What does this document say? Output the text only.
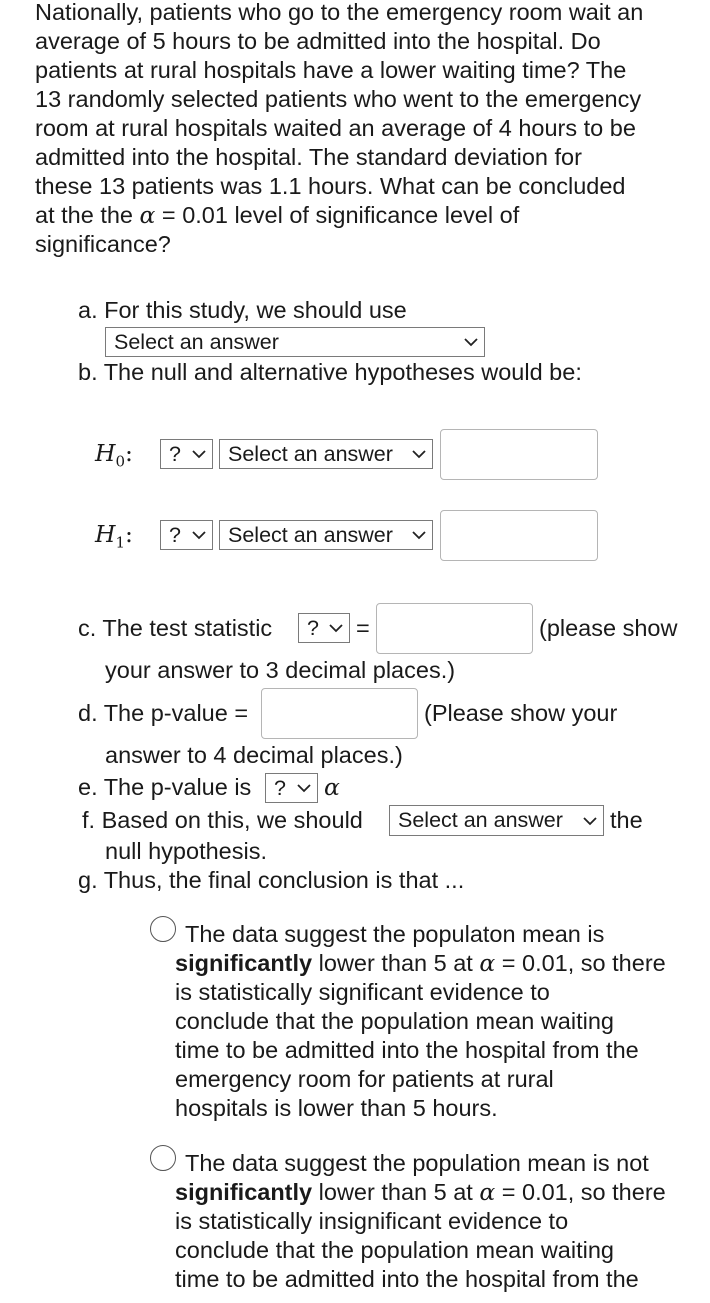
Nationally, patients who go to the emergency room wait an
average of 5 hours to be admitted into the hospital. Do
patients at rural hospitals have a lower waiting time? The
13 randomly selected patients who went to the emergency
room at rural hospitals waited an average of 4 hours to be
admitted into the hospital. The standard deviation for
these 13 patients was 1.1 hours. What can be concluded
at the the α = 0.01 level of significance level of
significance?
a. For this study, we should use
Select an answer
b. The null and alternative hypotheses would be:
$H_0$: ? Select an answer
$H_1$: ? Select an answer
c. The test statistic ? =	(please show
your answer to 3 decimal places.)
d. The p-value =	(Please show your
answer to 4 decimal places.)
e. The p-value is ? α
f. Based on this, we should Select an answer the
null hypothesis.
g. Thus, the final conclusion is that ...
The data suggest the populaton mean is
significantly lower than 5 at α = 0.01, so there
is statistically significant evidence to
conclude that the population mean waiting
time to be admitted into the hospital from the
emergency room for patients at rural
hospitals is lower than 5 hours.
The data suggest the population mean is not
significantly lower than 5 at α = 0.01, so there
is statistically insignificant evidence to
conclude that the population mean waiting
time to be admitted into the hospital from the
